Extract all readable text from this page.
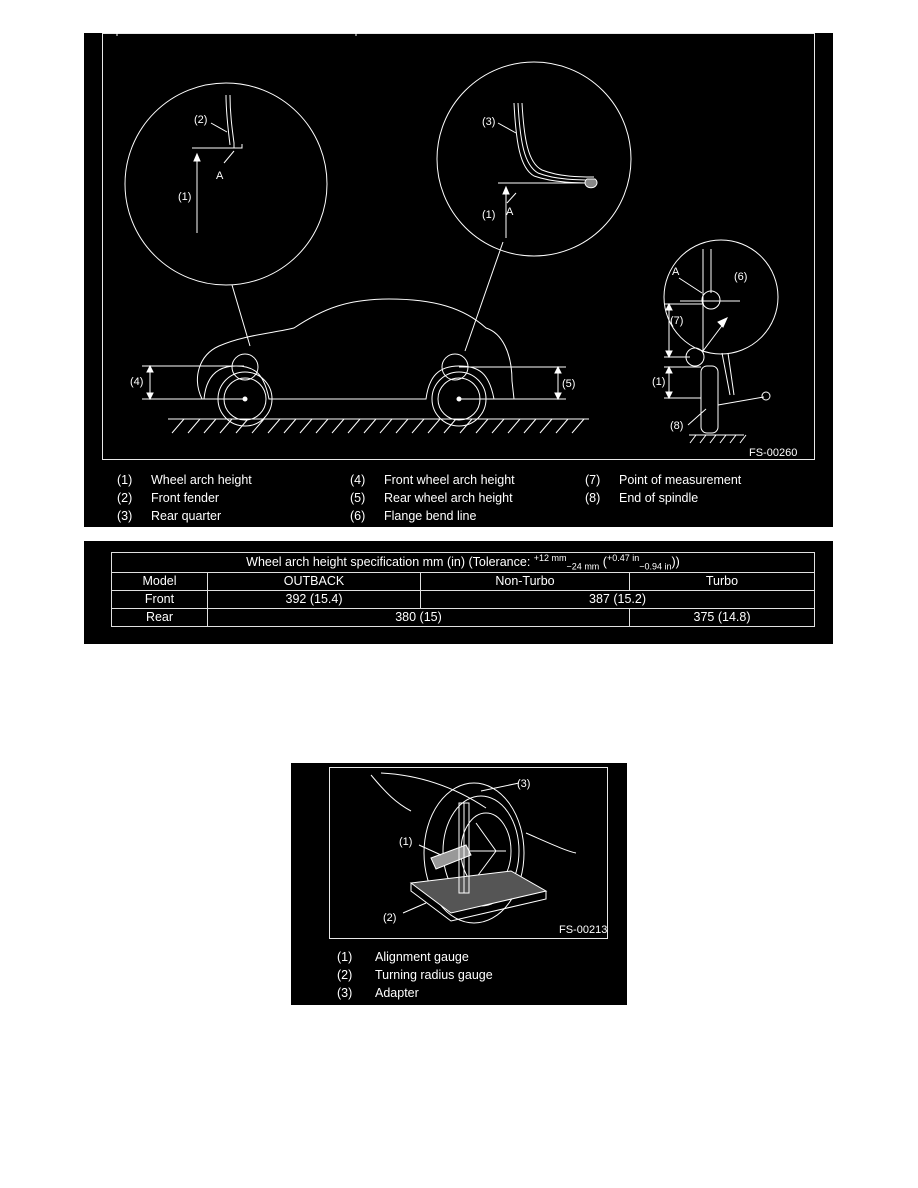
(2)
A
(1)
(3)
A
(1)
(4)	(5)
A	(6)
(7)
(1)
(8)
FS-00260
(1) Wheel arch height
(2) Front fender
(3) Rear quarter
(4) Front wheel arch height
(5) Rear wheel arch height
(6) Flange bend line
(7) Point of measurement
(8) End of spindle
Wheel arch height specification mm (in) (Tolerance: $^{+12 mm}_{-24 mm}$ ($^{+0.47 in}_{-0.94 in}$))			
Model	OUTBACK	Non-Turbo	Turbo
Front	392 (15.4)	387 (15.2)	
Rear	380 (15)		375 (14.8)
(3)
(1)
(2)
FS-00213
(1) Alignment gauge
(2) Turning radius gauge
(3) Adapter
